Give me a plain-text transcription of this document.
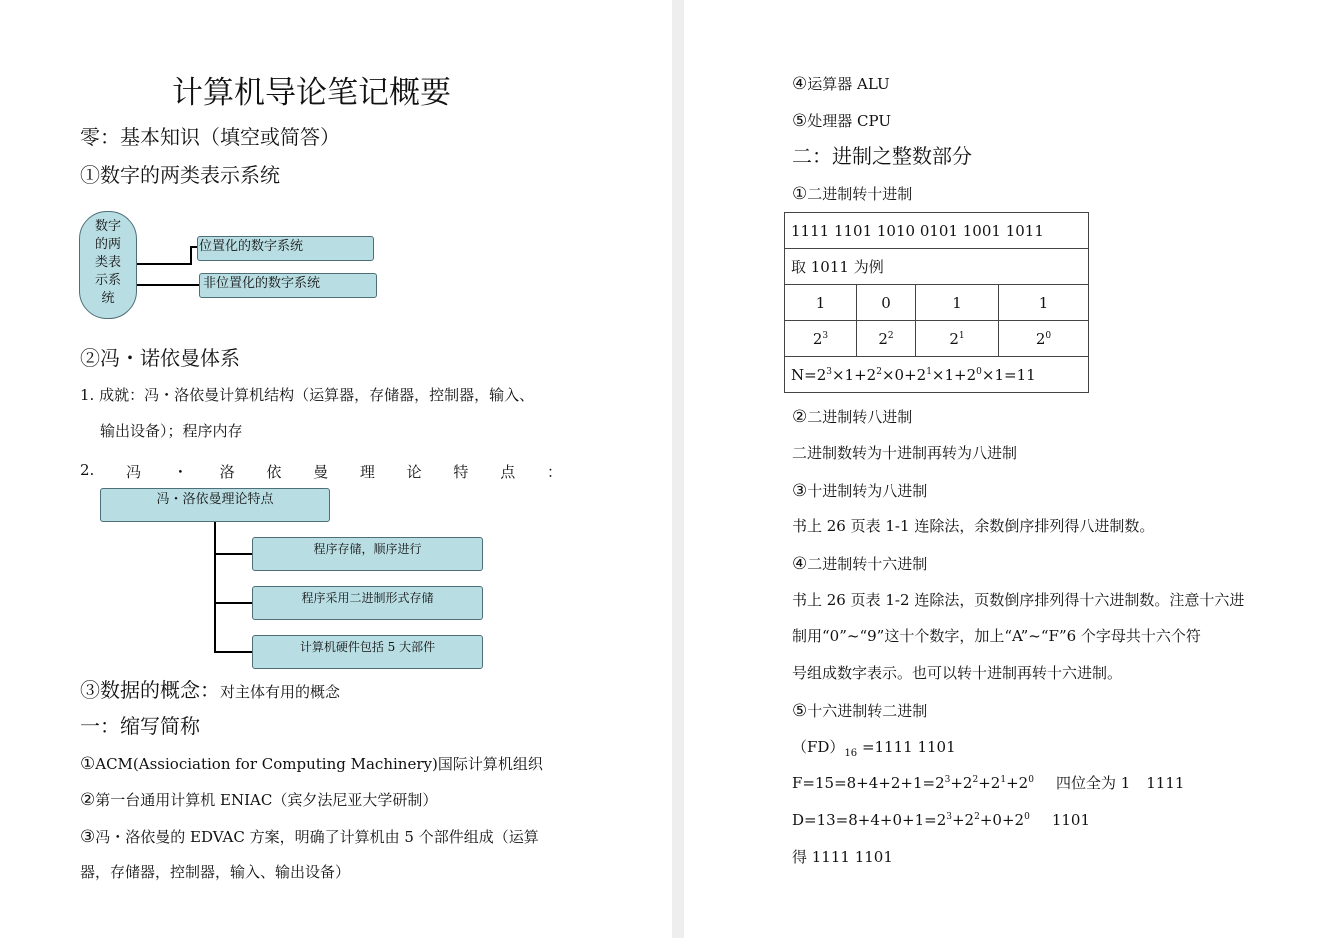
计算机导论笔记概要
零：基本知识（填空或简答）
①数字的两类表示系统
数字
的两
类表
示系
统
位置化的数字系统
非位置化的数字系统
②冯・诺依曼体系
1. 成就：冯・洛依曼计算机结构（运算器，存储器，控制器，输入、
输出设备）；程序内存
2. 冯 ・ 洛 依 曼 理 论 特 点 ：
冯・洛依曼理论特点
程序存储，顺序进行
程序采用二进制形式存储
计算机硬件包括 5 大部件
③数据的概念：对主体有用的概念
一：缩写简称
①ACM(Assiociation for Computing Machinery)国际计算机组织
②第一台通用计算机 ENIAC（宾夕法尼亚大学研制）
③冯・洛依曼的 EDVAC 方案，明确了计算机由 5 个部件组成（运算
器，存储器，控制器，输入、输出设备）
④运算器 ALU
⑤处理器 CPU
二：进制之整数部分
①二进制转十进制
1111 1101 1010 0101 1001 1011			
取 1011 为例			
1	0	1	1
$2^3$	$2^2$	$2^1$	$2^0$
$N=2^3\times 1+2^2\times 0+2^1\times 1+2^0\times 1=11$			
②二进制转八进制
二进制数转为十进制再转为八进制
③十进制转为八进制
书上 26 页表 1-1 连除法，余数倒序排列得八进制数。
④二进制转十六进制
书上 26 页表 1-2 连除法，页数倒序排列得十六进制数。注意十六进
制用“0”~“9”这十个数字，加上“A”~“F”6 个字母共十六个符
号组成数字表示。也可以转十进制再转十六进制。
⑤十六进制转二进制
$(FD)_{16} =1111$ 1101
$F=15=8+4+2+1=2^3+2^2+2^1+2^0$ 四位全为 1 1111
$D=13=8+4+0+1=2^3+2^2+0+2^0$ 1101
得 1111 1101
